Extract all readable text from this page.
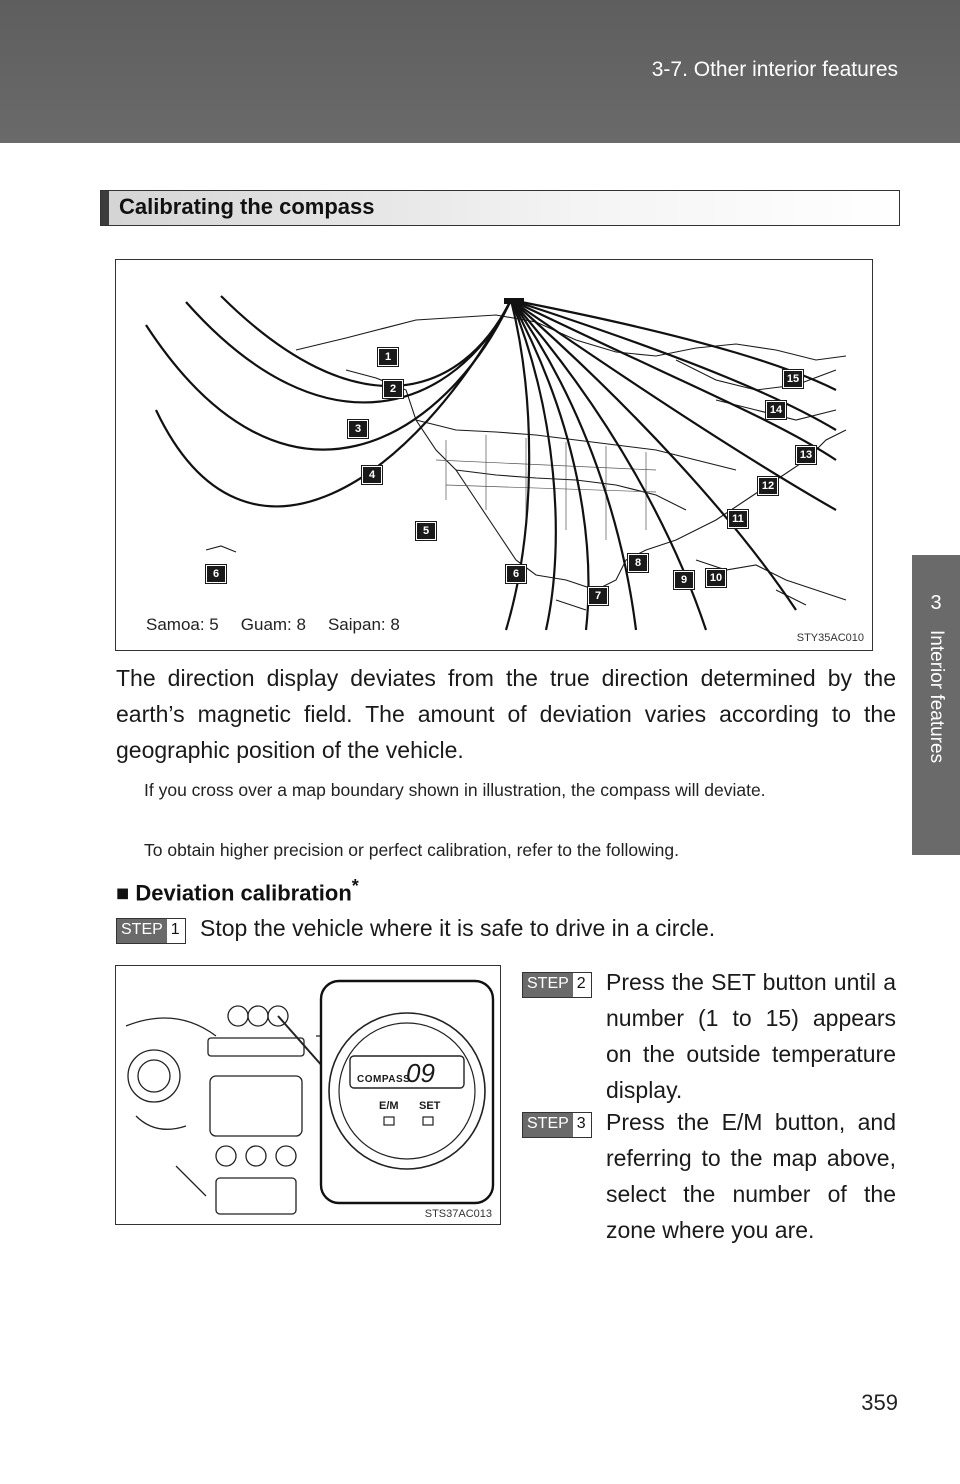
3-7. Other interior features
3
Interior features
Calibrating the compass
1
2
3
4
5
6	6
7
8
9	10
11
12
13
14
15
Samoa: 5 Guam: 8 Saipan: 8
STY35AC010
The direction display deviates from the true direction determined by the earth’s magnetic field. The amount of deviation varies according to the geographic position of the vehicle.
If you cross over a map boundary shown in illustration, the compass will deviate.
To obtain higher precision or perfect calibration, refer to the following.
■ Deviation calibration*
STEP 1 Stop the vehicle where it is safe to drive in a circle.
COMPASS
09
E/M SET
STS37AC013
STEP 2 Press the SET button until a number (1 to 15) appears on the outside temperature display.
STEP 3 Press the E/M button, and referring to the map above, select the number of the zone where you are.
359
